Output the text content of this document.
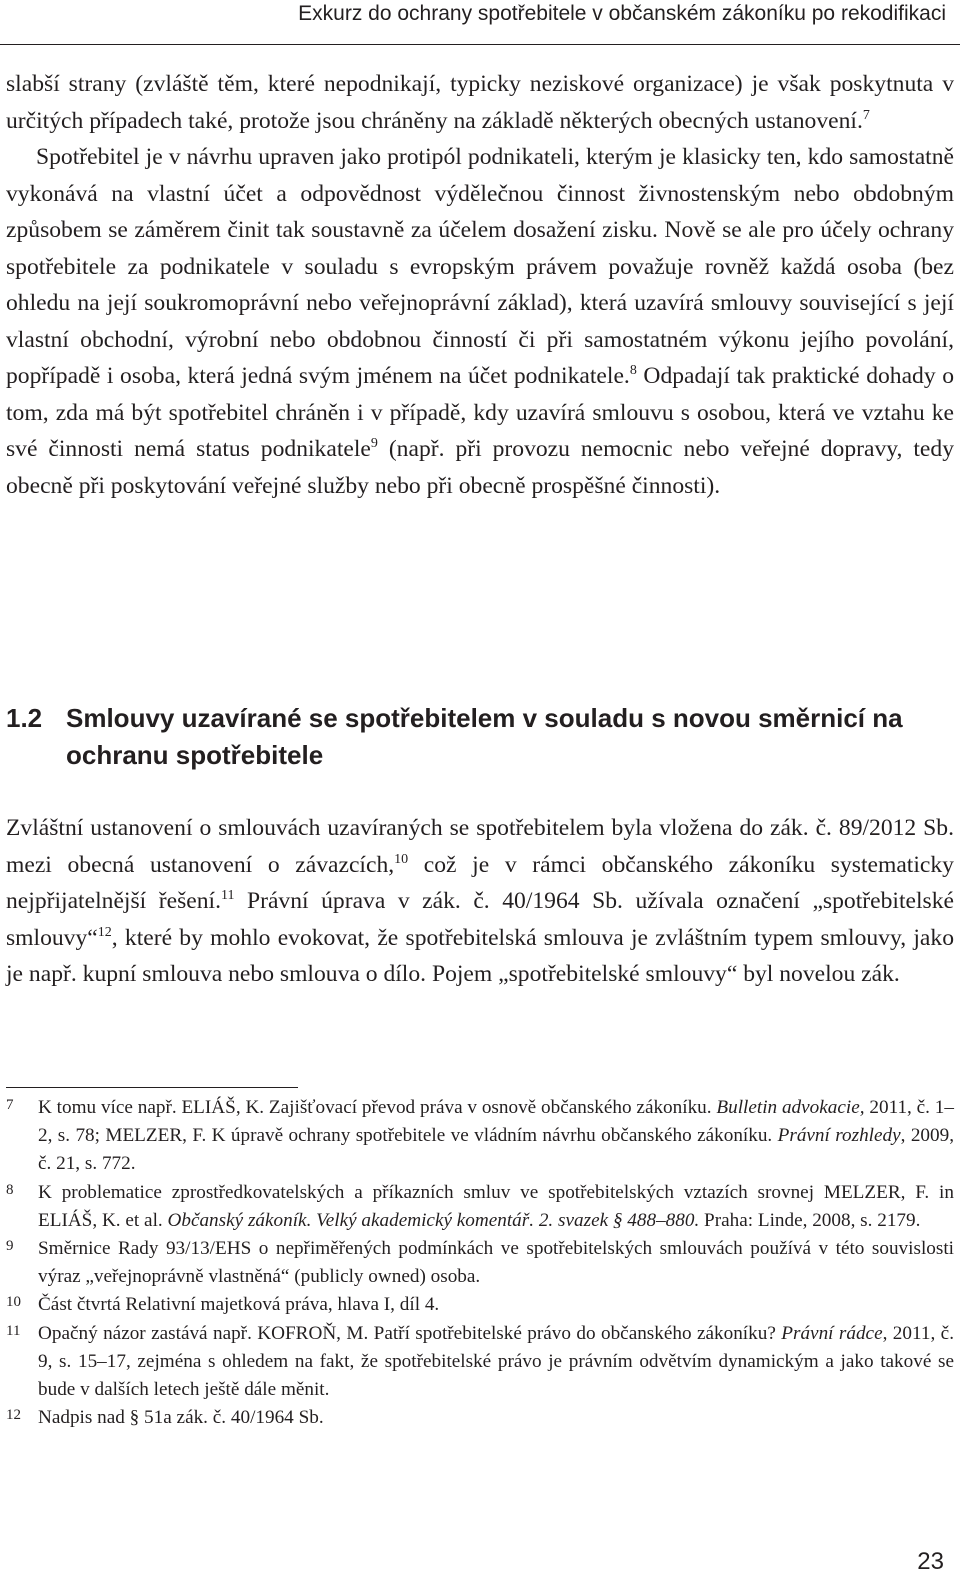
Exkurz do ochrany spotřebitele v občanském zákoníku po rekodifikaci

slabší strany (zvláště těm, které nepodnikají, typicky neziskové organizace) je však poskytnuta v určitých případech také, protože jsou chráněny na základě některých obecných ustanovení.$^7$

Spotřebitel je v návrhu upraven jako protipól podnikateli, kterým je klasicky ten, kdo samostatně vykonává na vlastní účet a odpovědnost výdělečnou činnost živnostenským nebo obdobným způsobem se záměrem činit tak soustavně za účelem dosažení zisku. Nově se ale pro účely ochrany spotřebitele za podnikatele v souladu s evropským právem považuje rovněž každá osoba (bez ohledu na její soukromoprávní nebo veřejnoprávní základ), která uzavírá smlouvy související s její vlastní obchodní, výrobní nebo obdobnou činností či při samostatném výkonu jejího povolání, popřípadě i osoba, která jedná svým jménem na účet podnikatele.$^8$ Odpadají tak praktické dohady o tom, zda má být spotřebitel chráněn i v případě, kdy uzavírá smlouvu s osobou, která ve vztahu ke své činnosti nemá status podnikatele$^9$ (např. při provozu nemocnic nebo veřejné dopravy, tedy obecně při poskytování veřejné služby nebo při obecně prospěšné činnosti).

1.2 Smlouvy uzavírané se spotřebitelem v souladu s novou směrnicí na ochranu spotřebitele

Zvláštní ustanovení o smlouvách uzavíraných se spotřebitelem byla vložena do zák. č. 89/2012 Sb. mezi obecná ustanovení o závazcích,$^{10}$ což je v rámci občanského zákoníku systematicky nejpřijatelnější řešení.$^{11}$ Právní úprava v zák. č. 40/1964 Sb. užívala označení „spotřebitelské smlouvy“$^{12}$, které by mohlo evokovat, že spotřebitelská smlouva je zvláštním typem smlouvy, jako je např. kupní smlouva nebo smlouva o dílo. Pojem „spotřebitelské smlouvy“ byl novelou zák.

7 K tomu více např. ELIÁŠ, K. Zajišťovací převod práva v osnově občanského zákoníku. Bulletin advokacie, 2011, č. 1–2, s. 78; MELZER, F. K úpravě ochrany spotřebitele ve vládním návrhu občanského zákoníku. Právní rozhledy, 2009, č. 21, s. 772.
8 K problematice zprostředkovatelských a příkazních smluv ve spotřebitelských vztazích srovnej MELZER, F. in ELIÁŠ, K. et al. Občanský zákoník. Velký akademický komentář. 2. svazek § 488–880. Praha: Linde, 2008, s. 2179.
9 Směrnice Rady 93/13/EHS o nepřiměřených podmínkách ve spotřebitelských smlouvách používá v této souvislosti výraz „veřejnoprávně vlastněná“ (publicly owned) osoba.
10 Část čtvrtá Relativní majetková práva, hlava I, díl 4.
11 Opačný názor zastává např. KOFROŇ, M. Patří spotřebitelské právo do občanského zákoníku? Právní rádce, 2011, č. 9, s. 15–17, zejména s ohledem na fakt, že spotřebitelské právo je právním odvětvím dynamickým a jako takové se bude v dalších letech ještě dále měnit.
12 Nadpis nad § 51a zák. č. 40/1964 Sb.
23
